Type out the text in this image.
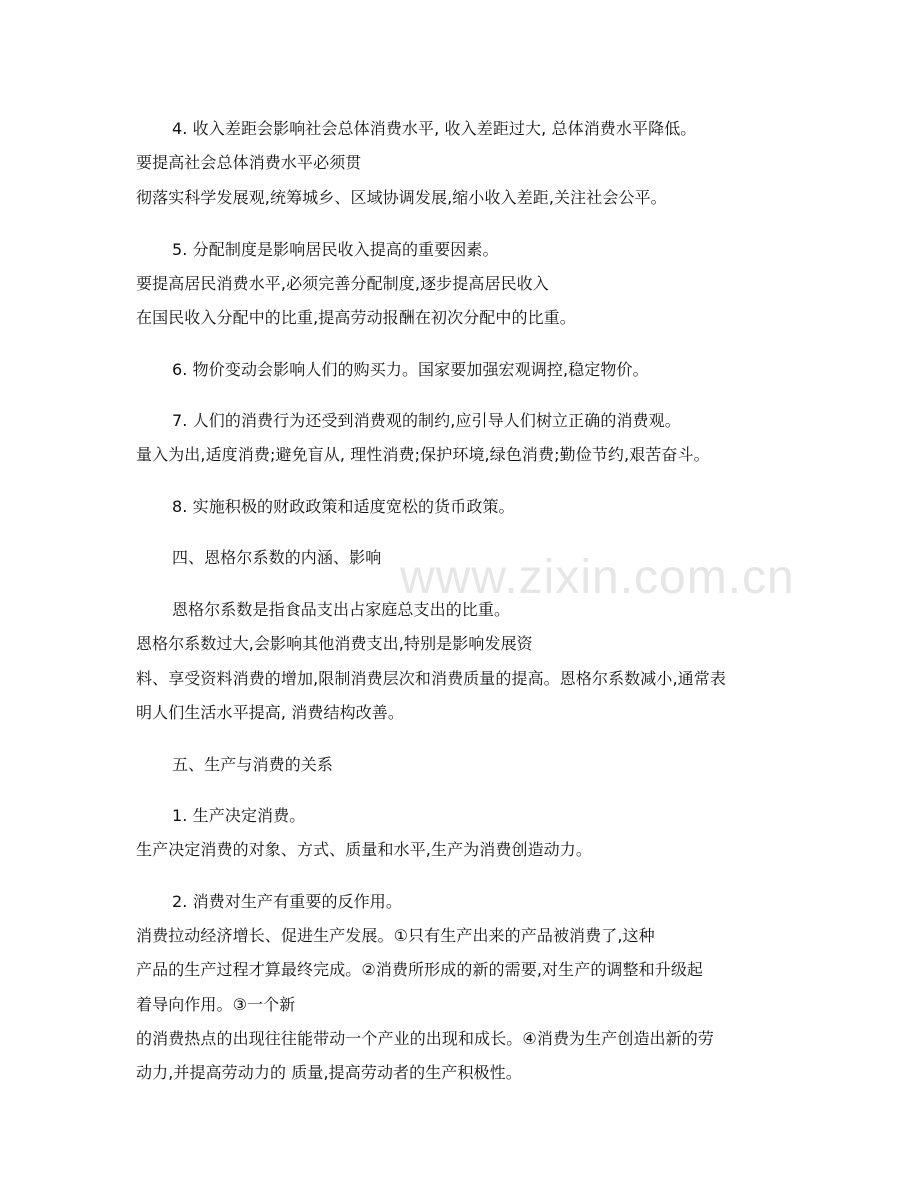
www.zixin.com.cn
4. 收入差距会影响社会总体消费水平, 收入差距过大, 总体消费水平降低。
要提高社会总体消费水平必须贯
彻落实科学发展观,统筹城乡、区域协调发展,缩小收入差距,关注社会公平。
5. 分配制度是影响居民收入提高的重要因素。
要提高居民消费水平,必须完善分配制度,逐步提高居民收入
在国民收入分配中的比重,提高劳动报酬在初次分配中的比重。
6. 物价变动会影响人们的购买力。国家要加强宏观调控,稳定物价。
7. 人们的消费行为还受到消费观的制约,应引导人们树立正确的消费观。
量入为出,适度消费;避免盲从, 理性消费;保护环境,绿色消费;勤俭节约,艰苦奋斗。
8. 实施积极的财政政策和适度宽松的货币政策。
四、恩格尔系数的内涵、影响
恩格尔系数是指食品支出占家庭总支出的比重。
恩格尔系数过大,会影响其他消费支出,特别是影响发展资
料、享受资料消费的增加,限制消费层次和消费质量的提高。恩格尔系数减小,通常表
明人们生活水平提高, 消费结构改善。
五、生产与消费的关系
1. 生产决定消费。
生产决定消费的对象、方式、质量和水平,生产为消费创造动力。
2. 消费对生产有重要的反作用。
消费拉动经济增长、促进生产发展。①只有生产出来的产品被消费了,这种
产品的生产过程才算最终完成。②消费所形成的新的需要,对生产的调整和升级起
着导向作用。③一个新
的消费热点的出现往往能带动一个产业的出现和成长。④消费为生产创造出新的劳
动力,并提高劳动力的 质量,提高劳动者的生产积极性。
